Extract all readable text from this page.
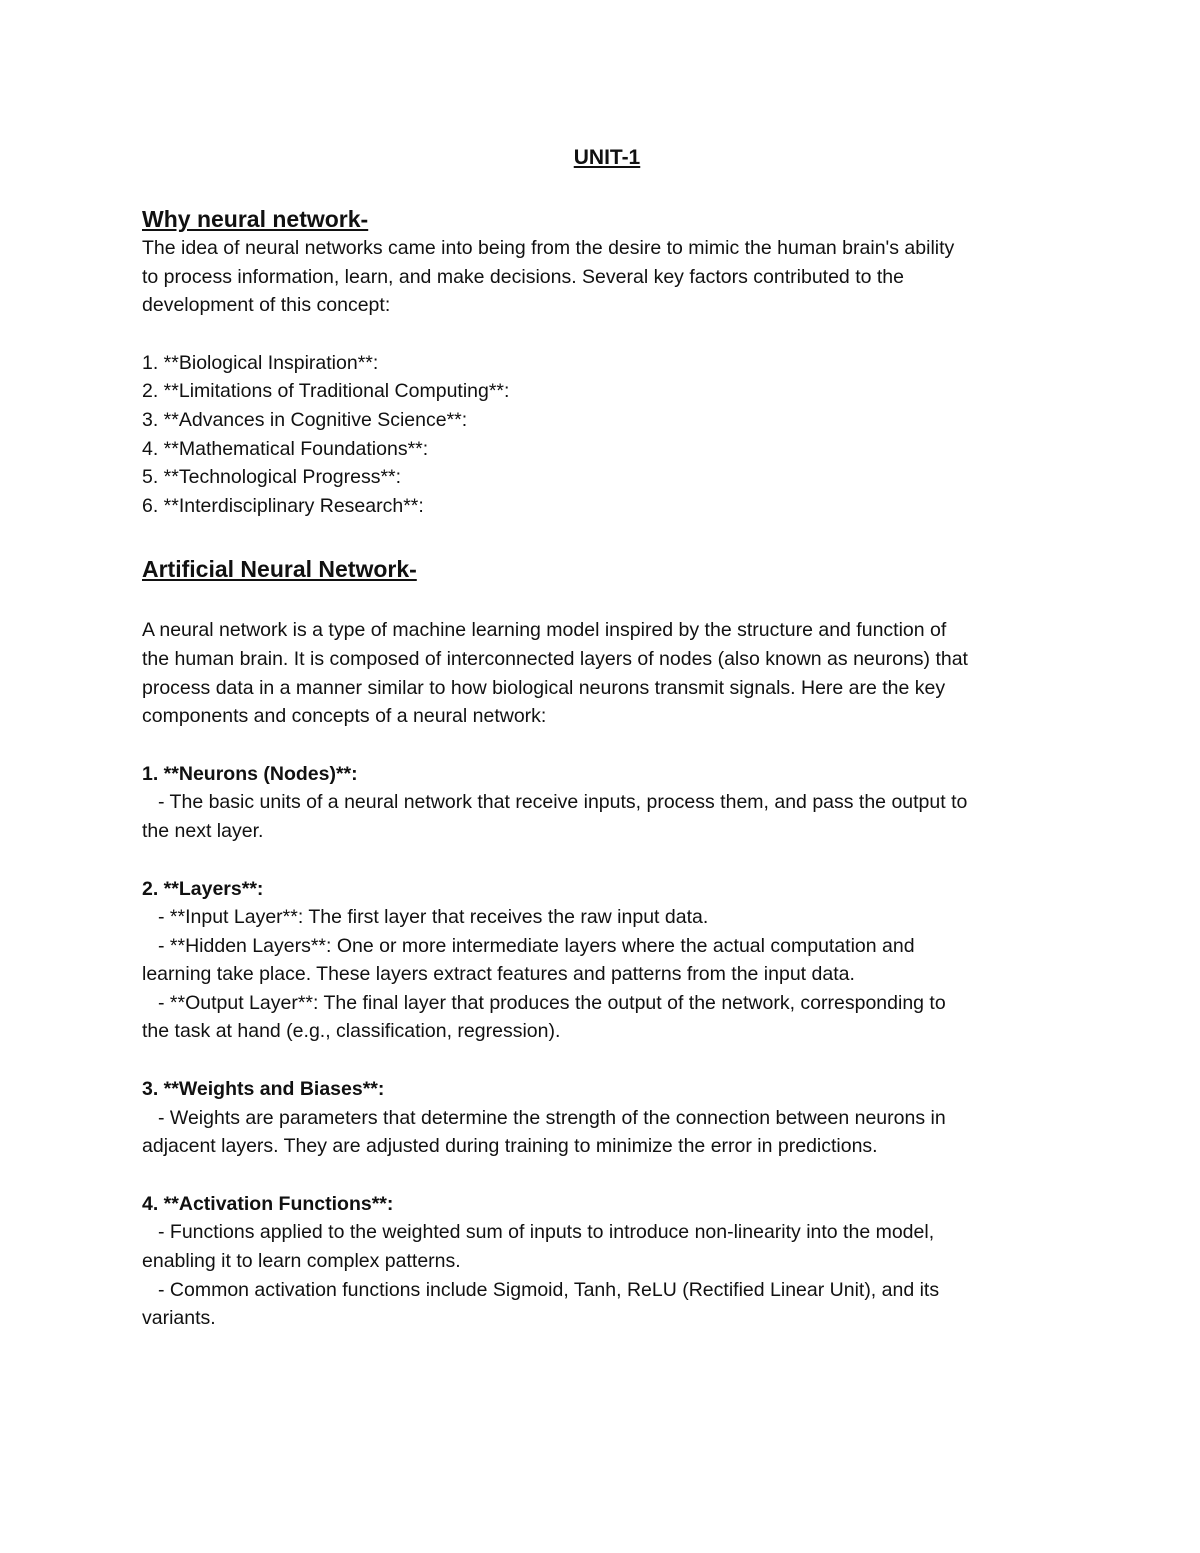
UNIT-1
Why neural network-
The idea of neural networks came into being from the desire to mimic the human brain's ability
to process information, learn, and make decisions. Several key factors contributed to the
development of this concept:
1. **Biological Inspiration**:
2. **Limitations of Traditional Computing**:
3. **Advances in Cognitive Science**:
4. **Mathematical Foundations**:
5. **Technological Progress**:
6. **Interdisciplinary Research**:
Artificial Neural Network-
A neural network is a type of machine learning model inspired by the structure and function of
the human brain. It is composed of interconnected layers of nodes (also known as neurons) that
process data in a manner similar to how biological neurons transmit signals. Here are the key
components and concepts of a neural network:
1. **Neurons (Nodes)**:
- The basic units of a neural network that receive inputs, process them, and pass the output to
the next layer.
2. **Layers**:
- **Input Layer**: The first layer that receives the raw input data.
- **Hidden Layers**: One or more intermediate layers where the actual computation and
learning take place. These layers extract features and patterns from the input data.
- **Output Layer**: The final layer that produces the output of the network, corresponding to
the task at hand (e.g., classification, regression).
3. **Weights and Biases**:
- Weights are parameters that determine the strength of the connection between neurons in
adjacent layers. They are adjusted during training to minimize the error in predictions.
4. **Activation Functions**:
- Functions applied to the weighted sum of inputs to introduce non-linearity into the model,
enabling it to learn complex patterns.
- Common activation functions include Sigmoid, Tanh, ReLU (Rectified Linear Unit), and its
variants.
